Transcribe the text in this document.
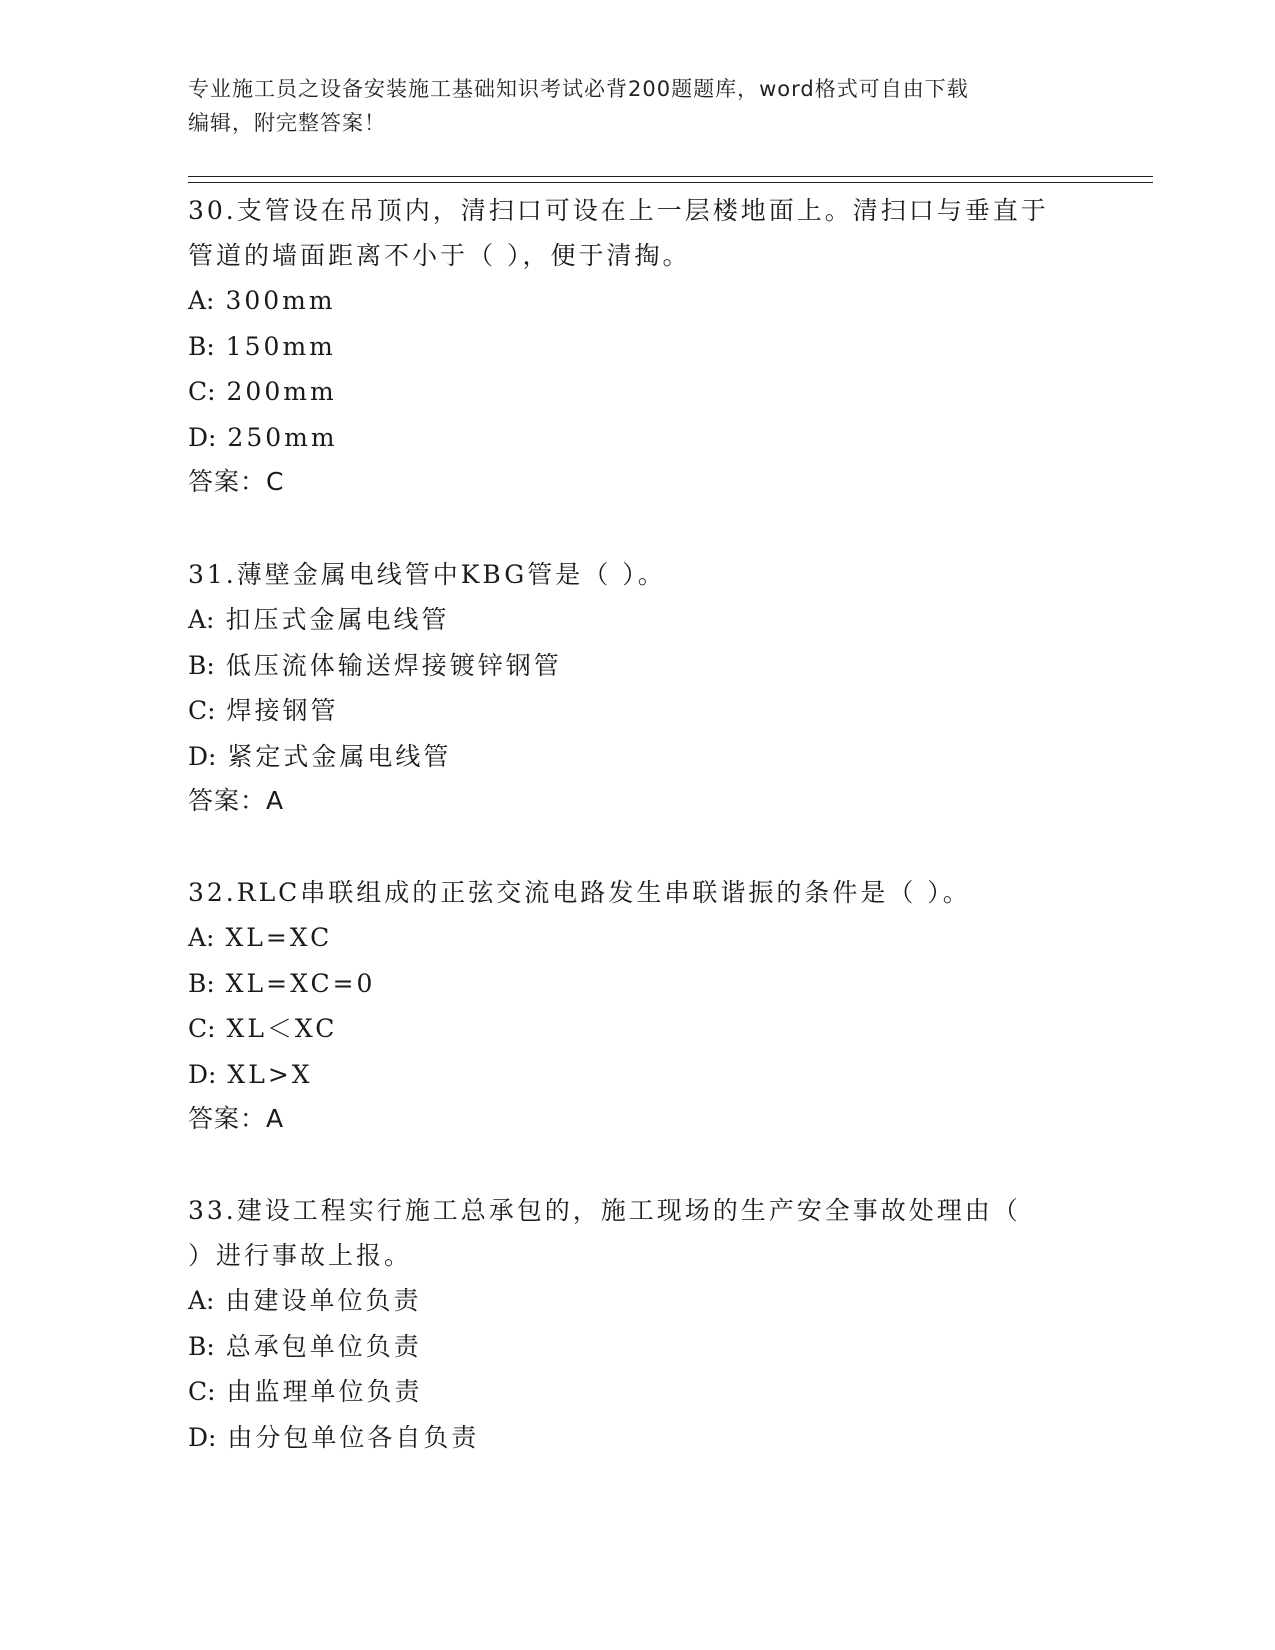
专业施工员之设备安装施工基础知识考试必背200题题库，word格式可自由下载
编辑，附完整答案！

30.支管设在吊顶内，清扫口可设在上一层楼地面上。清扫口与垂直于
管道的墙面距离不小于（ ），便于清掏。

A: 300mm
B: 150mm
C: 200mm
D: 250mm
答案：C

31.薄壁金属电线管中KBG管是（ ）。

A: 扣压式金属电线管
B: 低压流体输送焊接镀锌钢管
C: 焊接钢管
D: 紧定式金属电线管
答案：A

32.RLC串联组成的正弦交流电路发生串联谐振的条件是（ ）。

A: XL=XC
B: XL=XC=0
C: XL＜XC
D: XL>X
答案：A

33.建设工程实行施工总承包的，施工现场的生产安全事故处理由（
）进行事故上报。

A: 由建设单位负责
B: 总承包单位负责
C: 由监理单位负责
D: 由分包单位各自负责
